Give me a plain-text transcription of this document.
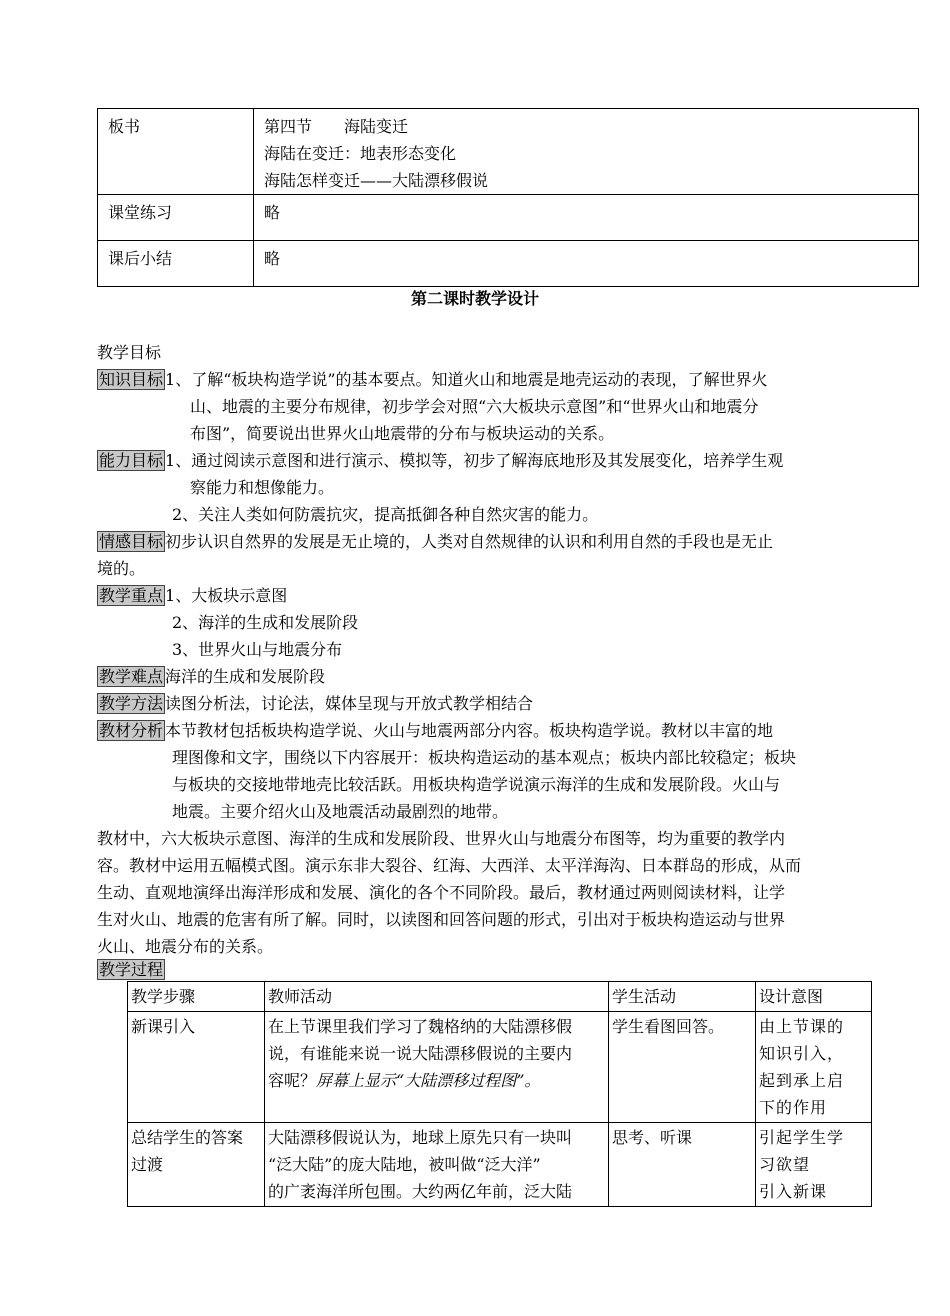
板书	第四节　　海陆变迁
海陆在变迁：地表形态变化
海陆怎样变迁——大陆漂移假说

课堂练习	略

课后小结	略
第二课时教学设计
教学目标
知识目标 1、了解“板块构造学说”的基本要点。知道火山和地震是地壳运动的表现，了解世界火
山、地震的主要分布规律，初步学会对照“六大板块示意图”和“世界火山和地震分
布图”，简要说出世界火山地震带的分布与板块运动的关系。
能力目标 1、通过阅读示意图和进行演示、模拟等，初步了解海底地形及其发展变化，培养学生观
察能力和想像能力。
2、关注人类如何防震抗灾，提高抵御各种自然灾害的能力。
情感目标 初步认识自然界的发展是无止境的，人类对自然规律的认识和利用自然的手段也是无止
境的。
教学重点 1、大板块示意图
2、海洋的生成和发展阶段
3、世界火山与地震分布
教学难点 海洋的生成和发展阶段
教学方法 读图分析法，讨论法，媒体呈现与开放式教学相结合
教材分析 本节教材包括板块构造学说、火山与地震两部分内容。板块构造学说。教材以丰富的地
理图像和文字，围绕以下内容展开：板块构造运动的基本观点；板块内部比较稳定；板块
与板块的交接地带地壳比较活跃。用板块构造学说演示海洋的生成和发展阶段。火山与
地震。主要介绍火山及地震活动最剧烈的地带。
教材中，六大板块示意图、海洋的生成和发展阶段、世界火山与地震分布图等，均为重要的教学内
容。教材中运用五幅模式图。演示东非大裂谷、红海、大西洋、太平洋海沟、日本群岛的形成，从而
生动、直观地演绎出海洋形成和发展、演化的各个不同阶段。最后，教材通过两则阅读材料，让学
生对火山、地震的危害有所了解。同时，以读图和回答问题的形式，引出对于板块构造运动与世界
火山、地震分布的关系。
教学过程
教学步骤	教师活动	学生活动	设计意图

新课引入	在上节课里我们学习了魏格纳的大陆漂移假
说，有谁能来说一说大陆漂移假说的主要内
容呢？屏幕上显示“大陆漂移过程图”。	学生看图回答。	由上节课的
知识引入，
起到承上启
下的作用

总结学生的答案
过渡	大陆漂移假说认为，地球上原先只有一块叫
“泛大陆”的庞大陆地，被叫做“泛大洋”
的广袤海洋所包围。大约两亿年前，泛大陆	思考、听课	引起学生学
习欲望
引入新课
